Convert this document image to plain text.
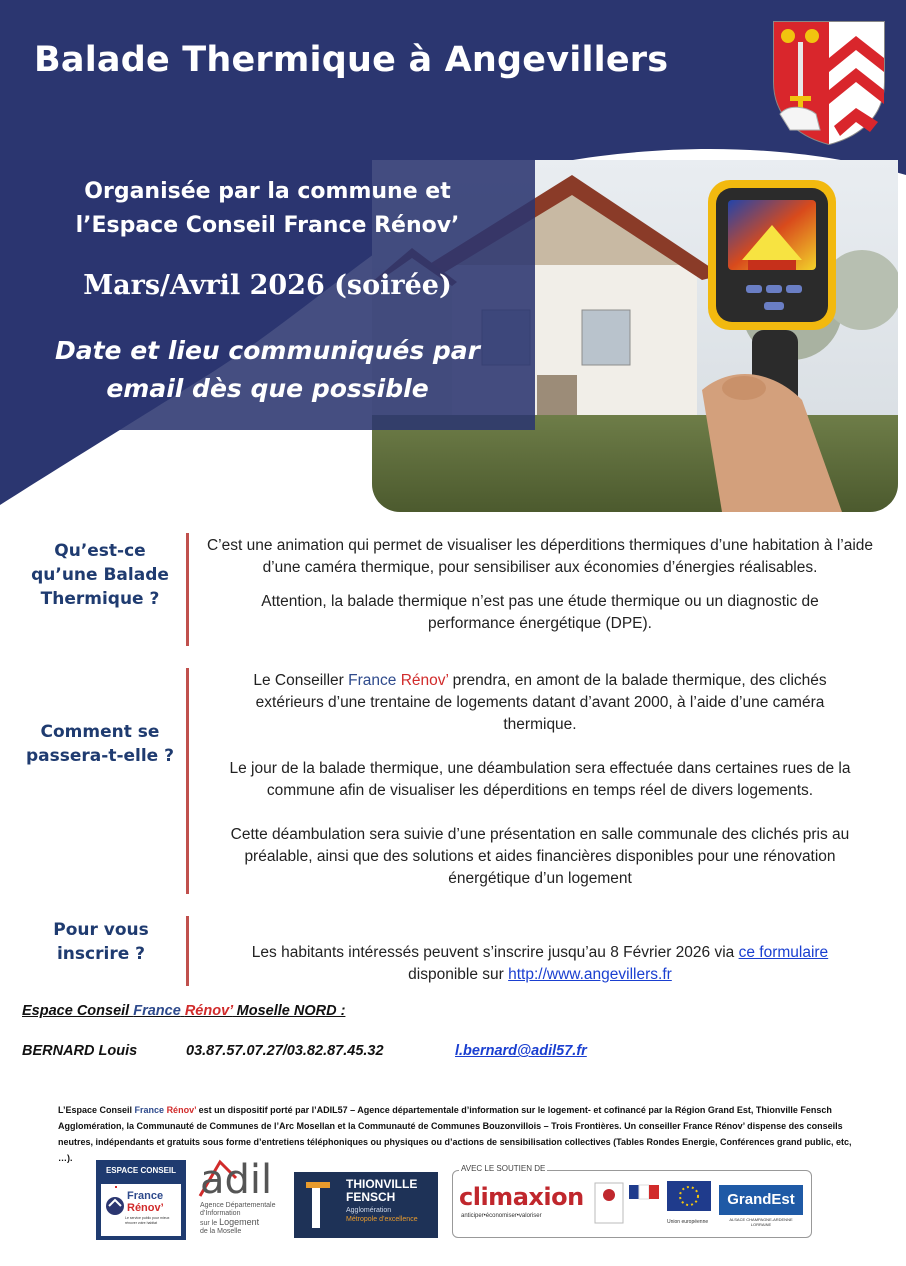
Balade Thermique à Angevillers
Organisée par la commune et
l’Espace Conseil France Rénov’
Mars/Avril 2026 (soirée)
Date et lieu communiqués par
email dès que possible
Qu’est-ce
qu’une Balade
Thermique ?

C’est une animation qui permet de visualiser les déperditions thermiques d’une habitation à l’aide d’une caméra thermique, pour sensibiliser aux économies d’énergies réalisables.

Attention, la balade thermique n’est pas une étude thermique ou un diagnostic de performance énergétique (DPE).

Comment se
passera-t-elle ?

Le Conseiller France Rénov’ prendra, en amont de la balade thermique, des clichés extérieurs d’une trentaine de logements datant d’avant 2000, à l’aide d’une caméra thermique.

Le jour de la balade thermique, une déambulation sera effectuée dans certaines rues de la commune afin de visualiser les déperditions en temps réel de divers logements.

Cette déambulation sera suivie d’une présentation en salle communale des clichés pris au préalable, ainsi que des solutions et aides financières disponibles pour une rénovation énergétique d’un logement

Pour vous
inscrire ?	Les habitants intéressés peuvent s’inscrire jusqu’au 8 Février 2026 via ce formulaire

disponible sur http://www.angevillers.fr

Espace Conseil France Rénov’ Moselle NORD :
BERNARD Louis	03.87.57.07.27/03.82.87.45.32	l.bernard@adil57.fr
L’Espace Conseil France Rénov’ est un dispositif porté par l’ADIL57 – Agence départementale d’information sur le logement- et cofinancé par la Région Grand Est, Thionville Fensch Agglomération, la Communauté de Communes de l’Arc Mosellan et la Communauté de Communes Bouzonvillois – Trois Frontières. Un conseiller France Rénov’ dispense des conseils neutres, indépendants et gratuits sous forme d’entretiens téléphoniques ou physiques ou d’actions de sensibilisation collectives (Tables Rondes Energie, Conférences grand public, etc, …).
ESPACE CONSEIL
France
Rénov’
Le service public pour mieux rénover votre habitat
adil
Agence Départementale
d’Information
sur le Logement
de la Moselle
THIONVILLE
FENSCH
Agglomération
Métropole d’excellence
AVEC LE SOUTIEN DE
climaxion
anticiper•économiser•valoriser
Union européenne
GrandEst
ALSACE CHAMPAGNE-ARDENNE LORRAINE
